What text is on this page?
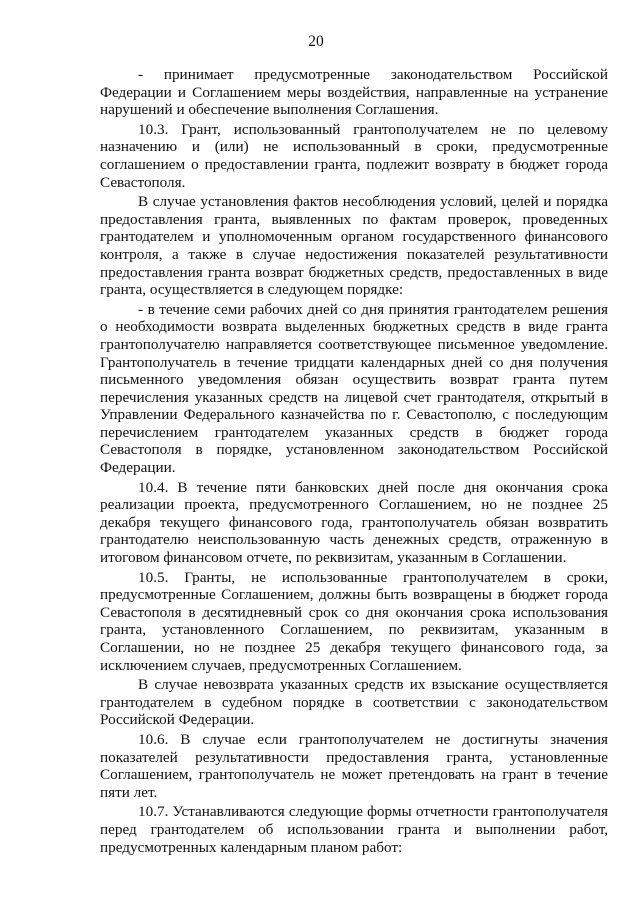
20

- принимает предусмотренные законодательством Российской Федерации и Соглашением меры воздействия, направленные на устранение нарушений и обеспечение выполнения Соглашения.

10.3. Грант, использованный грантополучателем не по целевому назначению и (или) не использованный в сроки, предусмотренные соглашением о предоставлении гранта, подлежит возврату в бюджет города Севастополя.

В случае установления фактов несоблюдения условий, целей и порядка предоставления гранта, выявленных по фактам проверок, проведенных грантодателем и уполномоченным органом государственного финансового контроля, а также в случае недостижения показателей результативности предоставления гранта возврат бюджетных средств, предоставленных в виде гранта, осуществляется в следующем порядке:

- в течение семи рабочих дней со дня принятия грантодателем решения о необходимости возврата выделенных бюджетных средств в виде гранта грантополучателю направляется соответствующее письменное уведомление. Грантополучатель в течение тридцати календарных дней со дня получения письменного уведомления обязан осуществить возврат гранта путем перечисления указанных средств на лицевой счет грантодателя, открытый в Управлении Федерального казначейства по г. Севастополю, с последующим перечислением грантодателем указанных средств в бюджет города Севастополя в порядке, установленном законодательством Российской Федерации.

10.4. В течение пяти банковских дней после дня окончания срока реализации проекта, предусмотренного Соглашением, но не позднее 25 декабря текущего финансового года, грантополучатель обязан возвратить грантодателю неиспользованную часть денежных средств, отраженную в итоговом финансовом отчете, по реквизитам, указанным в Соглашении.

10.5. Гранты, не использованные грантополучателем в сроки, предусмотренные Соглашением, должны быть возвращены в бюджет города Севастополя в десятидневный срок со дня окончания срока использования гранта, установленного Соглашением, по реквизитам, указанным в Соглашении, но не позднее 25 декабря текущего финансового года, за исключением случаев, предусмотренных Соглашением.

В случае невозврата указанных средств их взыскание осуществляется грантодателем в судебном порядке в соответствии с законодательством Российской Федерации.

10.6. В случае если грантополучателем не достигнуты значения показателей результативности предоставления гранта, установленные Соглашением, грантополучатель не может претендовать на грант в течение пяти лет.

10.7. Устанавливаются следующие формы отчетности грантополучателя перед грантодателем об использовании гранта и выполнении работ, предусмотренных календарным планом работ:
